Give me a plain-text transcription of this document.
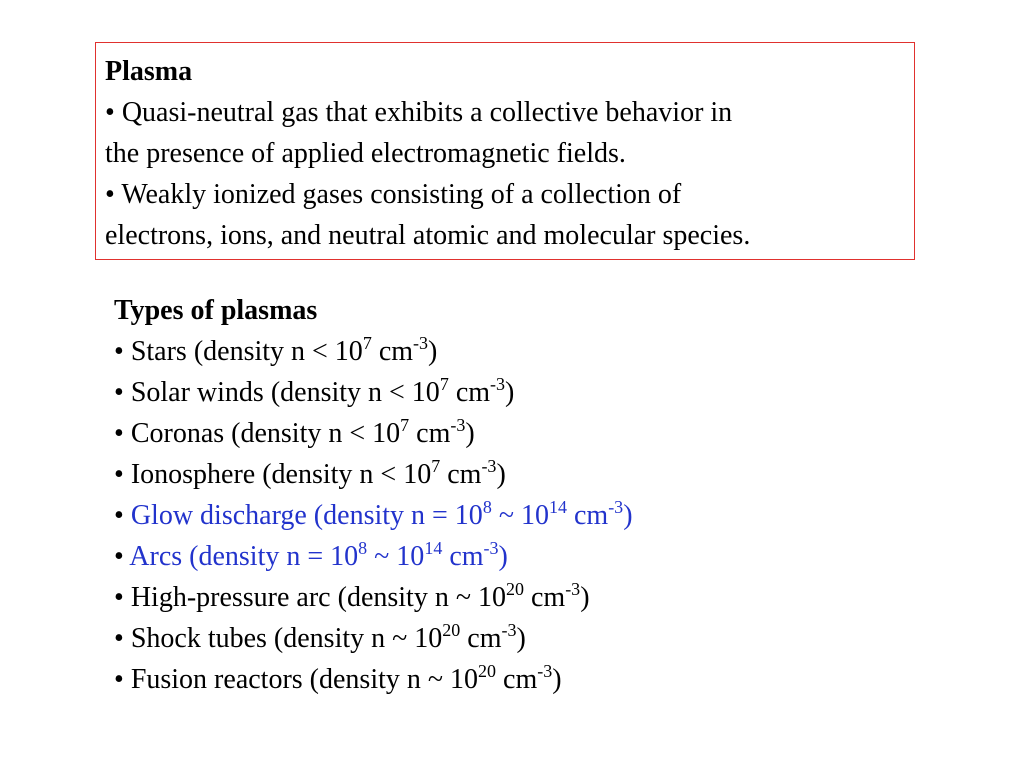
Plasma
• Quasi-neutral gas that exhibits a collective behavior in
the presence of applied electromagnetic fields.
• Weakly ionized gases consisting of a collection of
electrons, ions, and neutral atomic and molecular species.
Types of plasmas
• Stars (density $n < 10^7$ $cm^{-3}$)
• Solar winds (density $n < 10^7$ $cm^{-3}$)
• Coronas (density $n < 10^7$ $cm^{-3}$)
• Ionosphere (density $n < 10^7$ $cm^{-3}$)
• Glow discharge (density $n = 10^8$ ~ $10^{14}$ $cm^{-3}$)
• Arcs (density $n = 10^8$ ~ $10^{14}$ $cm^{-3}$)
• High-pressure arc (density n ~ $10^{20}$ $cm^{-3}$)
• Shock tubes (density n ~ $10^{20}$ $cm^{-3}$)
• Fusion reactors (density n ~ $10^{20}$ $cm^{-3}$)
